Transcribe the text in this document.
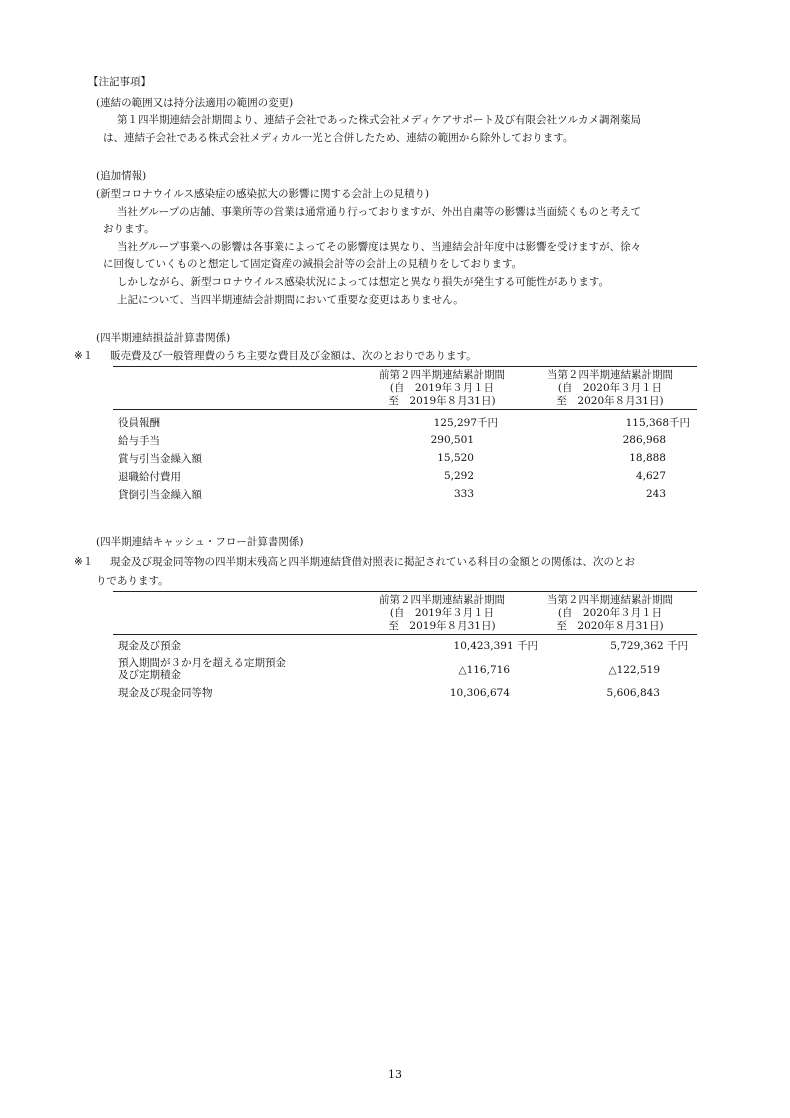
【注記事項】
(連結の範囲又は持分法適用の範囲の変更)
第１四半期連結会計期間より、連結子会社であった株式会社メディケアサポート及び有限会社ツルカメ調剤薬局
は、連結子会社である株式会社メディカル一光と合併したため、連結の範囲から除外しております。
(追加情報)
(新型コロナウイルス感染症の感染拡大の影響に関する会計上の見積り)
当社グループの店舗、事業所等の営業は通常通り行っておりますが、外出自粛等の影響は当面続くものと考えて
おります。
当社グループ事業への影響は各事業によってその影響度は異なり、当連結会計年度中は影響を受けますが、徐々
に回復していくものと想定して固定資産の減損会計等の会計上の見積りをしております。
しかしながら、新型コロナウイルス感染状況によっては想定と異なり損失が発生する可能性があります。
上記について、当四半期連結会計期間において重要な変更はありません。
(四半期連結損益計算書関係)
※１ 販売費及び一般管理費のうち主要な費目及び金額は、次のとおりであります。
前第２四半期連結累計期間
(自　2019年３月１日
至　2019年８月31日)
当第２四半期連結累計期間
(自　2020年３月１日
至　2020年８月31日)
役員報酬	125,297千円	115,368千円
給与手当	290,501	286,968
賞与引当金繰入額	15,520	18,888
退職給付費用	5,292	4,627
貸倒引当金繰入額	333	243
(四半期連結キャッシュ・フロー計算書関係)
※１ 現金及び現金同等物の四半期末残高と四半期連結貸借対照表に掲記されている科目の金額との関係は、次のとお
りであります。
前第２四半期連結累計期間
(自　2019年３月１日
至　2019年８月31日)
当第２四半期連結累計期間
(自　2020年３月１日
至　2020年８月31日)
現金及び預金	10,423,391 千円	5,729,362 千円
預入期間が３か月を超える定期預金
及び定期積金	△116,716	△122,519
現金及び現金同等物	10,306,674	5,606,843
13
